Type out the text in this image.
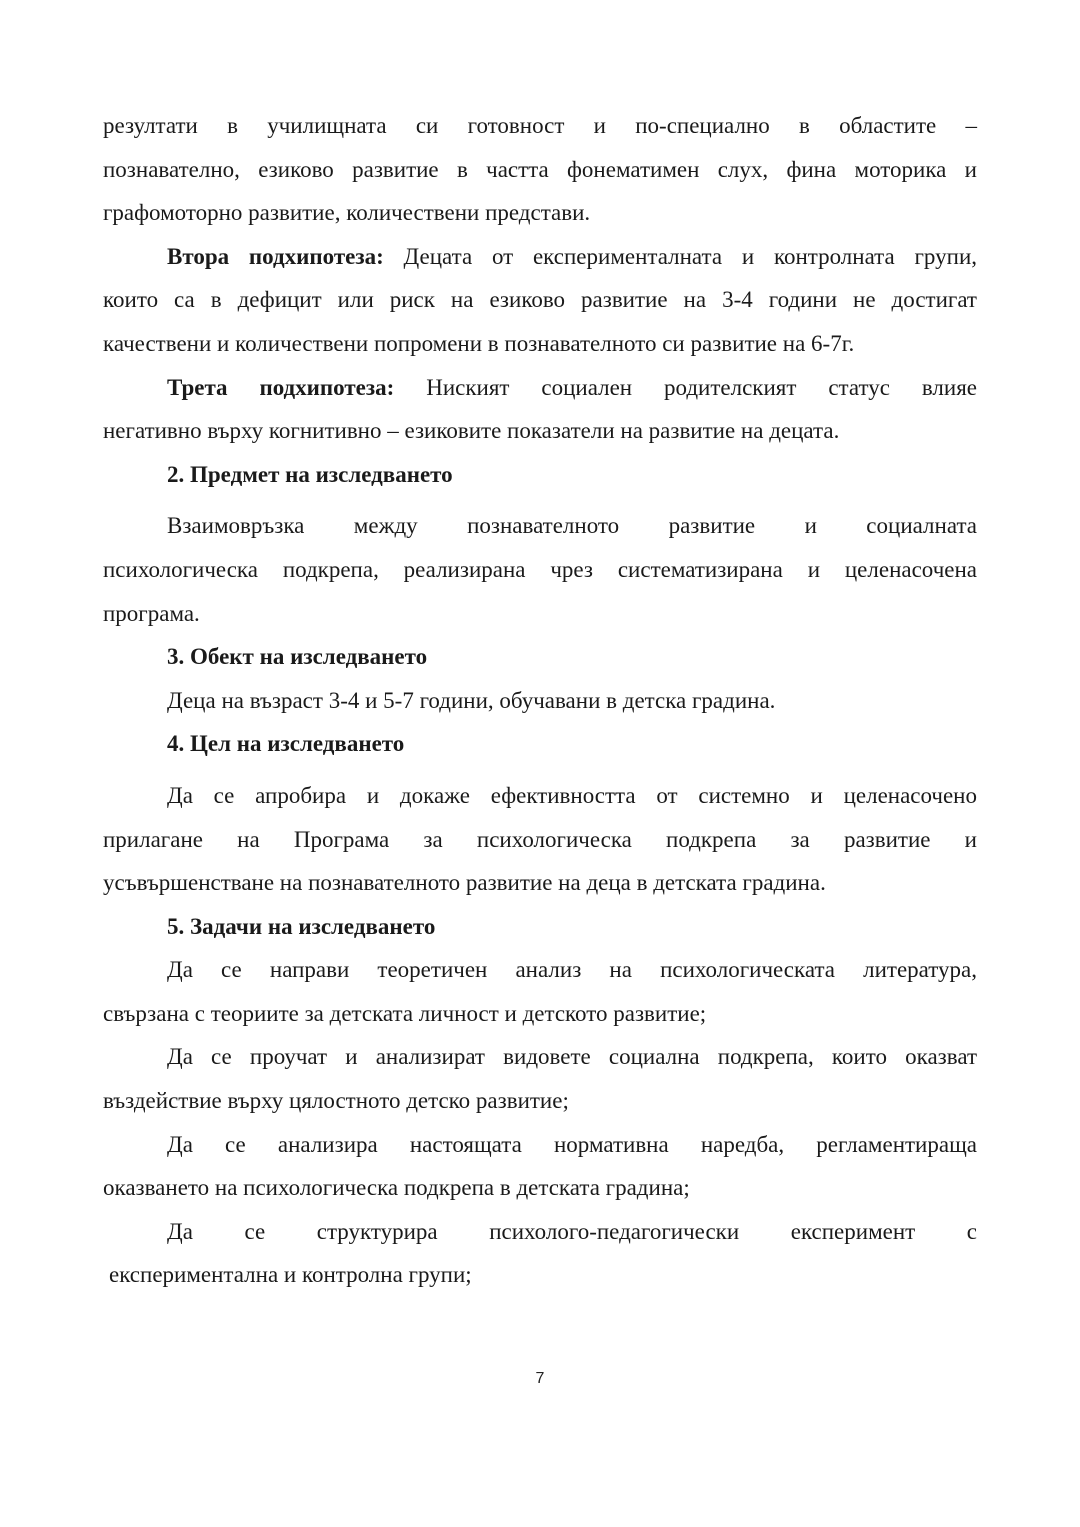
резултати в училищната си готовност и по-специално в областите –
познавателно, езиково развитие в частта фонематимен слух, фина моторика и
графомоторно развитие, количествени представи.

Втора подхипотеза: Децата от експерименталната и контролната групи,
които са в дефицит или риск на езиково развитие на 3-4 години не достигат
качествени и количествени попромени в познавателното си развитие на 6-7г.

Трета подхипотеза: Ниският социален родителският статус влияе
негативно върху когнитивно – езиковите показатели на развитие на децата.

2. Предмет на изследването

Взаимовръзка между познавателното развитие и социалната
психологическа подкрепа, реализирана чрез систематизирана и целенасочена
програма.

3. Обект на изследването

Деца на възраст 3-4 и 5-7 години, обучавани в детска градина.

4. Цел на изследването

Да се апробира и докаже ефективността от системно и целенасочено
прилагане на Програма за психологическа подкрепа за развитие и
усъвършенстване на познавателното развитие на деца в детската градина.

5. Задачи на изследването

Да се направи теоретичен анализ на психологическата литература,
свързана с теориите за детската личност и детското развитие;

Да се проучат и анализират видовете социална подкрепа, които оказват
въздействие върху цялостното детско развитие;

Да се анализира настоящата нормативна наредба, регламентираща
оказването на психологическа подкрепа в детската градина;

Да се структурира психолого-педагогически експеримент с
експериментална и контролна групи;

7
